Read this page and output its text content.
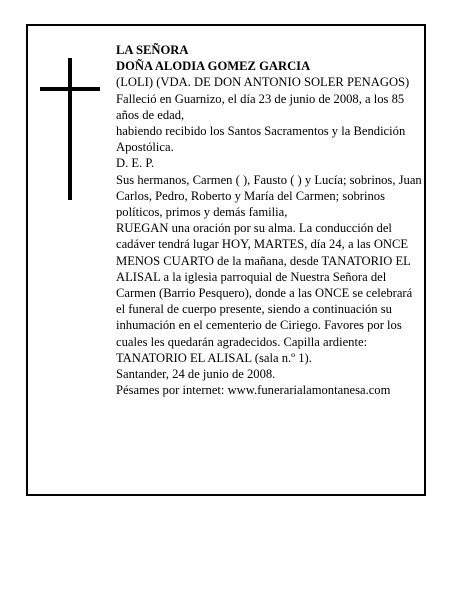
LA SEÑORA

DOÑA ALODIA GOMEZ GARCIA

(LOLI) (VDA. DE DON ANTONIO SOLER PENAGOS)

Falleció en Guarnizo, el día 23 de junio de 2008, a los 85 años de edad,

habiendo recibido los Santos Sacramentos y la Bendición Apostólica.

D. E. P.

Sus hermanos, Carmen ( ), Fausto ( ) y Lucía; sobrinos, Juan Carlos, Pedro, Roberto y María del Carmen; sobrinos políticos, primos y demás familia,

RUEGAN una oración por su alma. La conducción del cadáver tendrá lugar HOY, MARTES, día 24, a las ONCE MENOS CUARTO de la mañana, desde TANATORIO EL ALISAL a la iglesia parroquial de Nuestra Señora del Carmen (Barrio Pesquero), donde a las ONCE se celebrará el funeral de cuerpo presente, siendo a continuación su inhumación en el cementerio de Ciriego. Favores por los cuales les quedarán agradecidos. Capilla ardiente: TANATORIO EL ALISAL (sala n.º 1).

Santander, 24 de junio de 2008.

Pésames por internet: www.funerarialamontanesa.com
